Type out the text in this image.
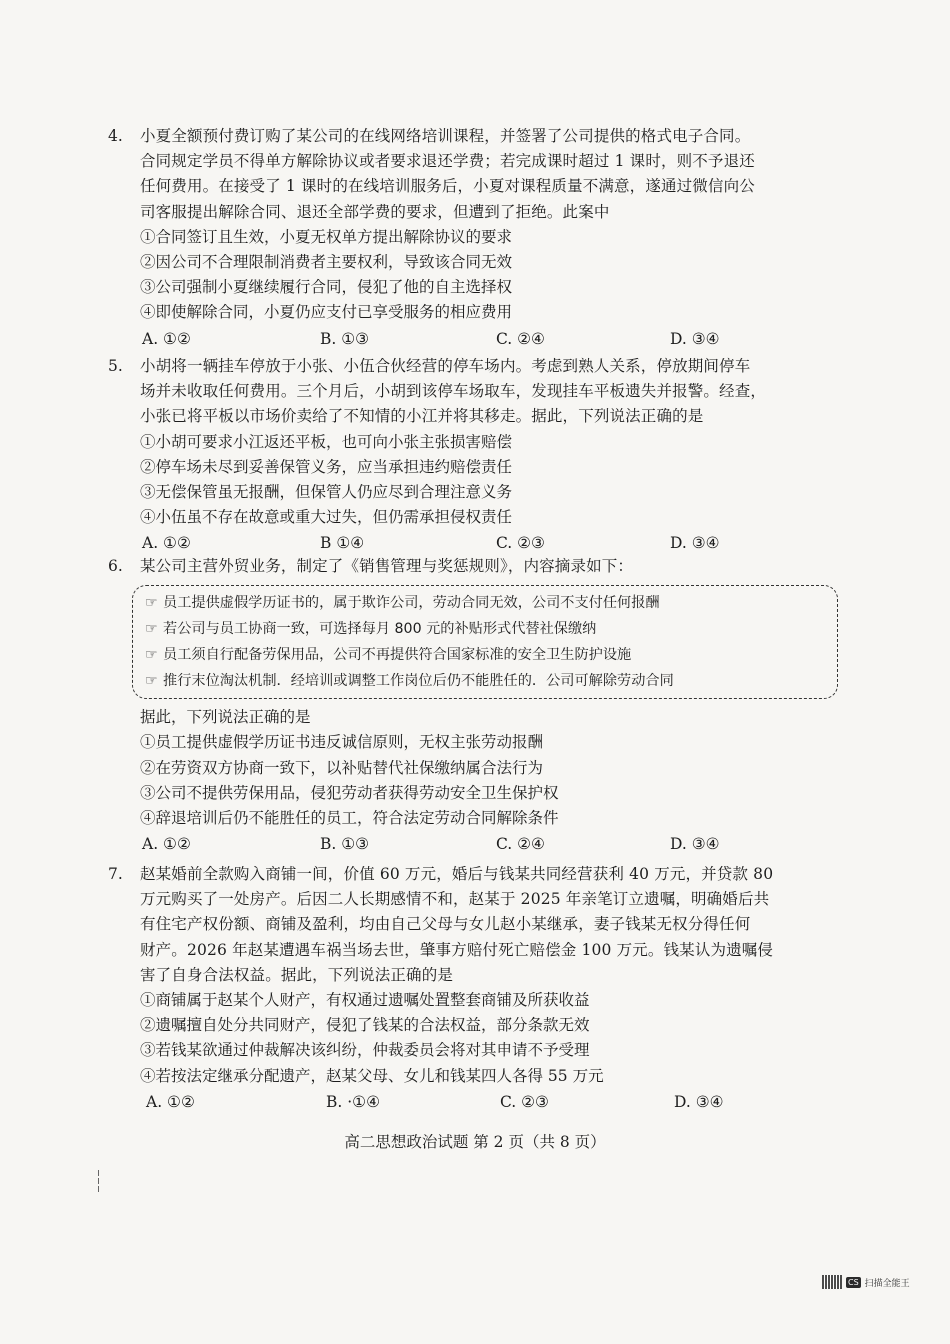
4.	小夏全额预付费订购了某公司的在线网络培训课程，并签署了公司提供的格式电子合同。
合同规定学员不得单方解除协议或者要求退还学费；若完成课时超过 1 课时，则不予退还
任何费用。在接受了 1 课时的在线培训服务后，小夏对课程质量不满意，遂通过微信向公
司客服提出解除合同、退还全部学费的要求，但遭到了拒绝。此案中
①合同签订且生效，小夏无权单方提出解除协议的要求
②因公司不合理限制消费者主要权利，导致该合同无效
③公司强制小夏继续履行合同，侵犯了他的自主选择权
④即使解除合同，小夏仍应支付已享受服务的相应费用
A. ①②	B. ①③	C. ②④	D. ③④
5.	小胡将一辆挂车停放于小张、小伍合伙经营的停车场内。考虑到熟人关系，停放期间停车
场并未收取任何费用。三个月后，小胡到该停车场取车，发现挂车平板遗失并报警。经查，
小张已将平板以市场价卖给了不知情的小江并将其移走。据此，下列说法正确的是
①小胡可要求小江返还平板，也可向小张主张损害赔偿
②停车场未尽到妥善保管义务，应当承担违约赔偿责任
③无偿保管虽无报酬，但保管人仍应尽到合理注意义务
④小伍虽不存在故意或重大过失，但仍需承担侵权责任
A. ①②	B ①④	C. ②③	D. ③④
6.	某公司主营外贸业务，制定了《销售管理与奖惩规则》，内容摘录如下：
☞ 员工提供虚假学历证书的，属于欺诈公司，劳动合同无效，公司不支付任何报酬
☞ 若公司与员工协商一致，可选择每月 800 元的补贴形式代替社保缴纳
☞ 员工须自行配备劳保用品，公司不再提供符合国家标准的安全卫生防护设施
☞ 推行末位淘汰机制．经培训或调整工作岗位后仍不能胜任的．公司可解除劳动合同
据此，下列说法正确的是
①员工提供虚假学历证书违反诚信原则，无权主张劳动报酬
②在劳资双方协商一致下，以补贴替代社保缴纳属合法行为
③公司不提供劳保用品，侵犯劳动者获得劳动安全卫生保护权
④辞退培训后仍不能胜任的员工，符合法定劳动合同解除条件
A. ①②	B. ①③	C. ②④	D. ③④
7.	赵某婚前全款购入商铺一间，价值 60 万元，婚后与钱某共同经营获利 40 万元，并贷款 80
万元购买了一处房产。后因二人长期感情不和，赵某于 2025 年亲笔订立遗嘱，明确婚后共
有住宅产权份额、商铺及盈利，均由自己父母与女儿赵小某继承，妻子钱某无权分得任何
财产。2026 年赵某遭遇车祸当场去世，肇事方赔付死亡赔偿金 100 万元。钱某认为遗嘱侵
害了自身合法权益。据此，下列说法正确的是
①商铺属于赵某个人财产，有权通过遗嘱处置整套商铺及所获收益
②遗嘱擅自处分共同财产，侵犯了钱某的合法权益，部分条款无效
③若钱某欲通过仲裁解决该纠纷，仲裁委员会将对其申请不予受理
④若按法定继承分配遗产，赵某父母、女儿和钱某四人各得 55 万元
A. ①②	B. ·①④	C. ②③	D. ③④
高二思想政治试题 第 2 页（共 8 页）
CS 扫描全能王
